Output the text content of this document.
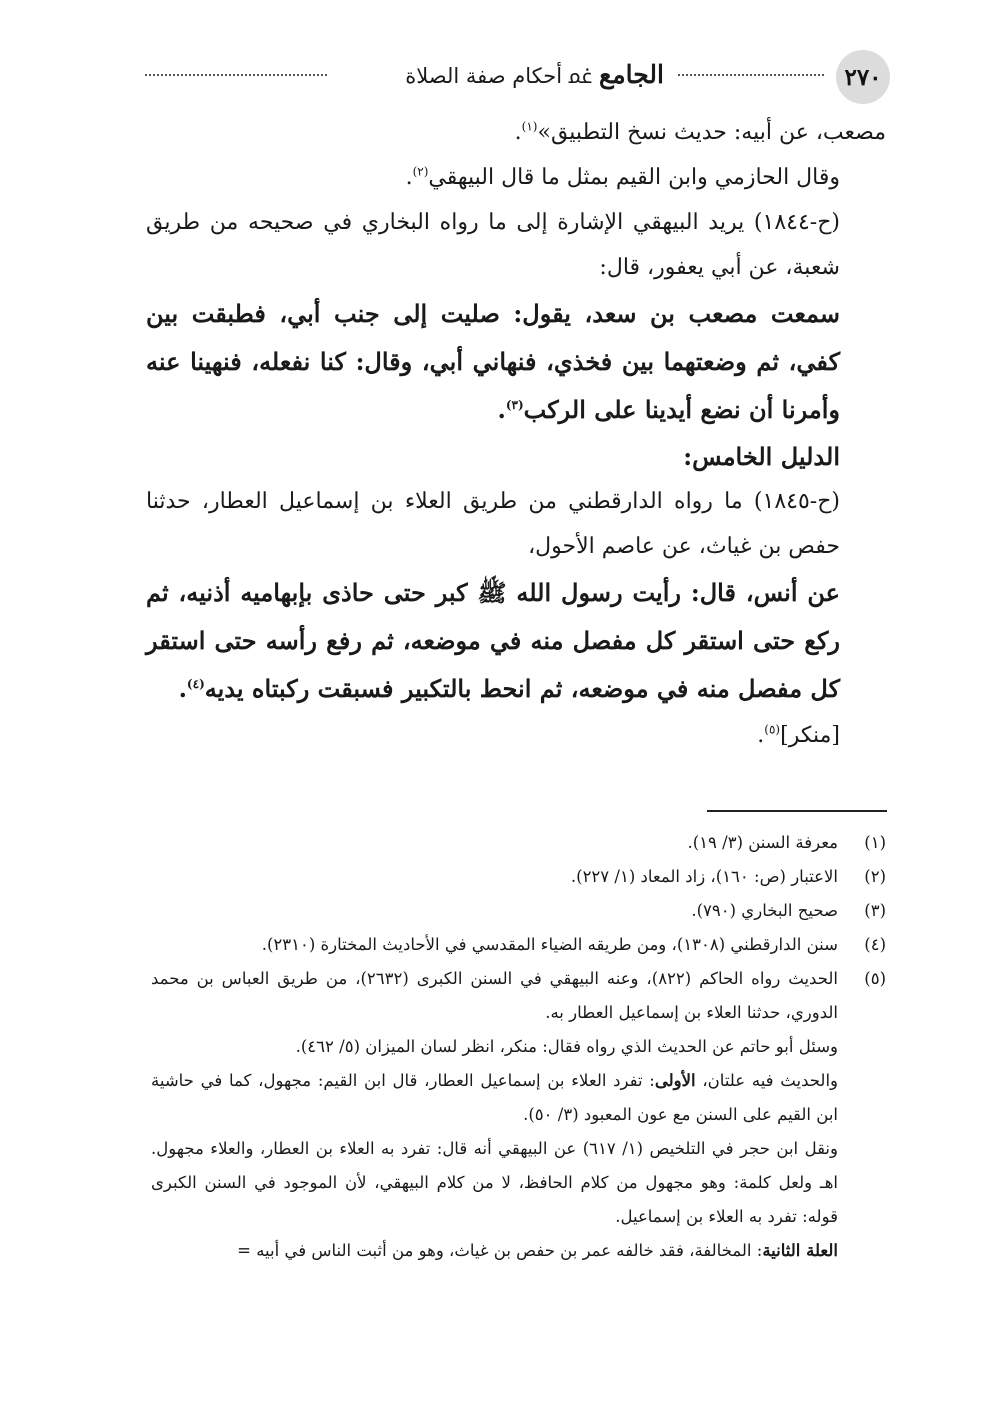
٢٧٠
الجامع ﲽ أحكام صفة الصلاة

مصعب، عن أبيه: حديث نسخ التطبيق»$^{(١)}$.

وقال الحازمي وابن القيم بمثل ما قال البيهقي$^{(٢)}$.

(ح-١٨٤٤) يريد البيهقي الإشارة إلى ما رواه البخاري في صحيحه من طريق شعبة، عن أبي يعفور، قال:

سمعت مصعب بن سعد، يقول: صليت إلى جنب أبي، فطبقت بين كفي، ثم وضعتهما بين فخذي، فنهاني أبي، وقال: كنا نفعله، فنهينا عنه وأمرنا أن نضع أيدينا على الركب$^{(٣)}$.

الدليل الخامس:

(ح-١٨٤٥) ما رواه الدارقطني من طريق العلاء بن إسماعيل العطار، حدثنا حفص بن غياث، عن عاصم الأحول،

عن أنس، قال: رأيت رسول الله ﷺ كبر حتى حاذى بإبهاميه أذنيه، ثم ركع حتى استقر كل مفصل منه في موضعه، ثم رفع رأسه حتى استقر كل مفصل منه في موضعه، ثم انحط بالتكبير فسبقت ركبتاه يديه$^{(٤)}$.

[منكر]$^{(٥)}$.

(١)
معرفة السنن (٣/ ١٩).
(٢)
الاعتبار (ص: ١٦٠)، زاد المعاد (١/ ٢٢٧).
(٣)
صحيح البخاري (٧٩٠).
(٤)
سنن الدارقطني (١٣٠٨)، ومن طريقه الضياء المقدسي في الأحاديث المختارة (٢٣١٠).
(٥)
الحديث رواه الحاكم (٨٢٢)، وعنه البيهقي في السنن الكبرى (٢٦٣٢)، من طريق العباس بن محمد الدوري، حدثنا العلاء بن إسماعيل العطار به.
وسئل أبو حاتم عن الحديث الذي رواه فقال: منكر، انظر لسان الميزان (٥/ ٤٦٢).
والحديث فيه علتان، الأولى: تفرد العلاء بن إسماعيل العطار، قال ابن القيم: مجهول، كما في حاشية ابن القيم على السنن مع عون المعبود (٣/ ٥٠).
ونقل ابن حجر في التلخيص (١/ ٦١٧) عن البيهقي أنه قال: تفرد به العلاء بن العطار، والعلاء مجهول. اهـ ولعل كلمة: وهو مجهول من كلام الحافظ، لا من كلام البيهقي، لأن الموجود في السنن الكبرى قوله: تفرد به العلاء بن إسماعيل.
العلة الثانية: المخالفة، فقد خالفه عمر بن حفص بن غياث، وهو من أثبت الناس في أبيه =
